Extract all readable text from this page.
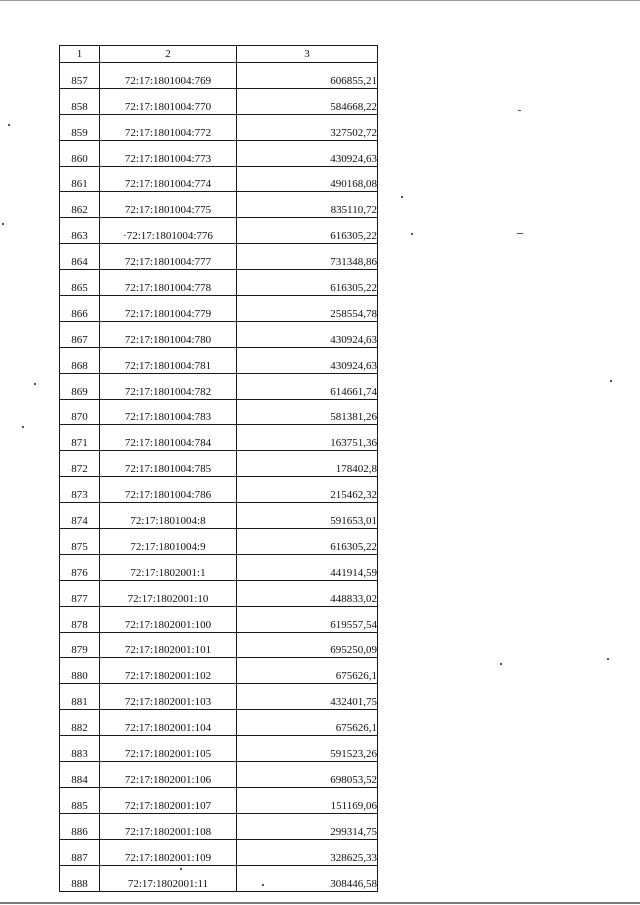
1	2	3
857	72:17:1801004:769	606855,21
858	72:17:1801004:770	584668,22
859	72:17:1801004:772	327502,72
860	72:17:1801004:773	430924,63
861	72:17:1801004:774	490168,08
862	72:17:1801004:775	835110,72
863	·72:17:1801004:776	616305,22
864	72:17:1801004:777	731348,86
865	72:17:1801004:778	616305,22
866	72:17:1801004:779	258554,78
867	72:17:1801004:780	430924,63
868	72:17:1801004:781	430924,63
869	72:17:1801004:782	614661,74
870	72:17:1801004:783	581381,26
871	72:17:1801004:784	163751,36
872	72:17:1801004:785	178402,8
873	72:17:1801004:786	215462,32
874	72:17:1801004:8	591653,01
875	72:17:1801004:9	616305,22
876	72:17:1802001:1	441914,59
877	72:17:1802001:10	448833,02
878	72:17:1802001:100	619557,54
879	72:17:1802001:101	695250,09
880	72:17:1802001:102	675626,1
881	72:17:1802001:103	432401,75
882	72:17:1802001:104	675626,1
883	72:17:1802001:105	591523,26
884	72:17:1802001:106	698053,52
885	72:17:1802001:107	151169,06
886	72:17:1802001:108	299314,75
887	72:17:1802001:109	328625,33
888	72:17:1802001:11	308446,58
